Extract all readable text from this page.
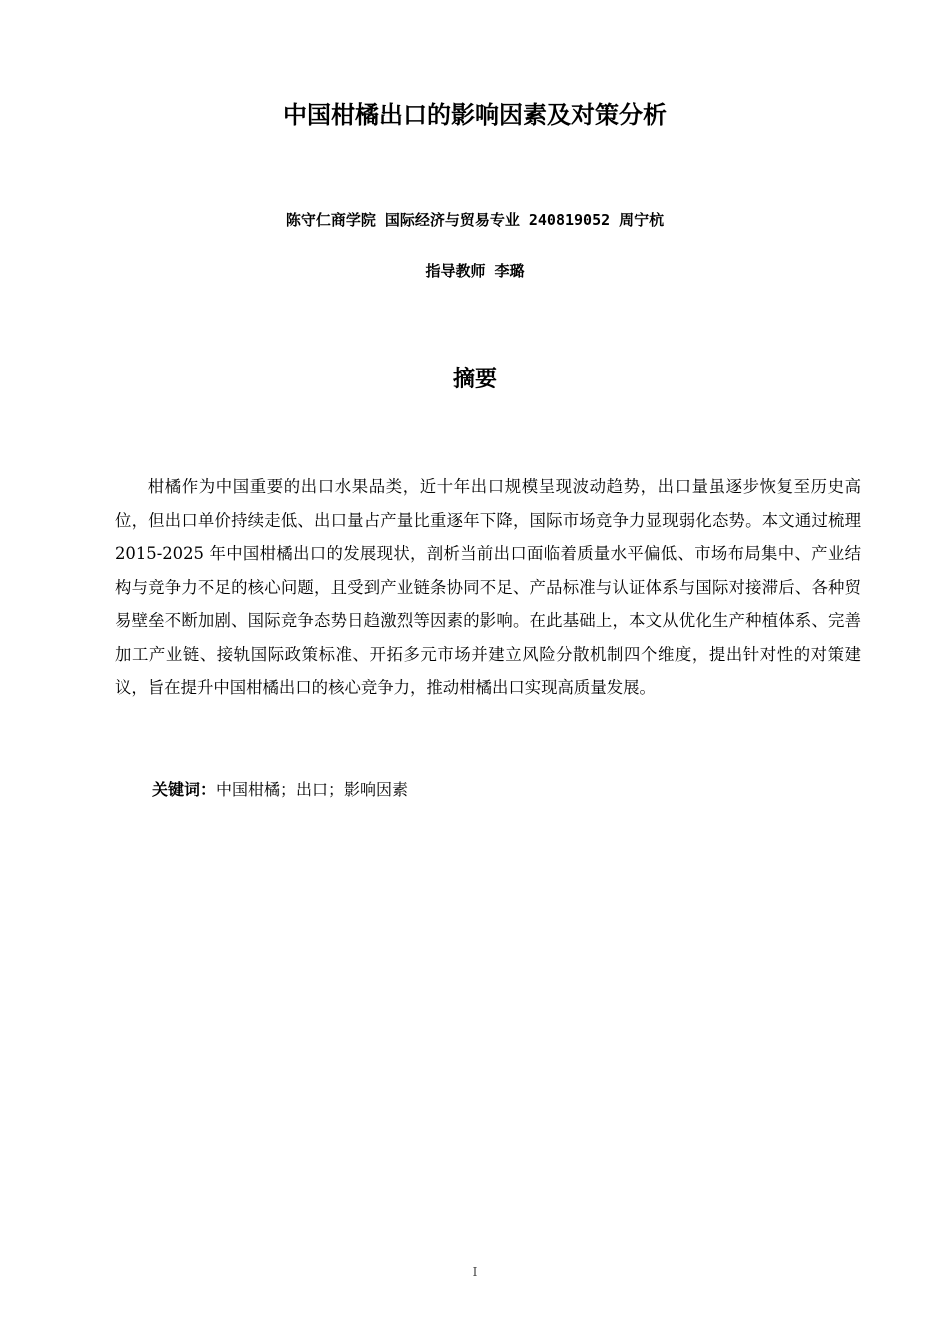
中国柑橘出口的影响因素及对策分析
陈守仁商学院 国际经济与贸易专业 240819052 周宁杭
指导教师 李璐
摘要

柑橘作为中国重要的出口水果品类，近十年出口规模呈现波动趋势，出口量虽逐步恢复至历史高位，但出口单价持续走低、出口量占产量比重逐年下降，国际市场竞争力显现弱化态势。本文通过梳理 2015-2025 年中国柑橘出口的发展现状，剖析当前出口面临着质量水平偏低、市场布局集中、产业结构与竞争力不足的核心问题，且受到产业链条协同不足、产品标准与认证体系与国际对接滞后、各种贸易壁垒不断加剧、国际竞争态势日趋激烈等因素的影响。在此基础上，本文从优化生产种植体系、完善加工产业链、接轨国际政策标准、开拓多元市场并建立风险分散机制四个维度，提出针对性的对策建议，旨在提升中国柑橘出口的核心竞争力，推动柑橘出口实现高质量发展。

关键词：中国柑橘；出口；影响因素
I
